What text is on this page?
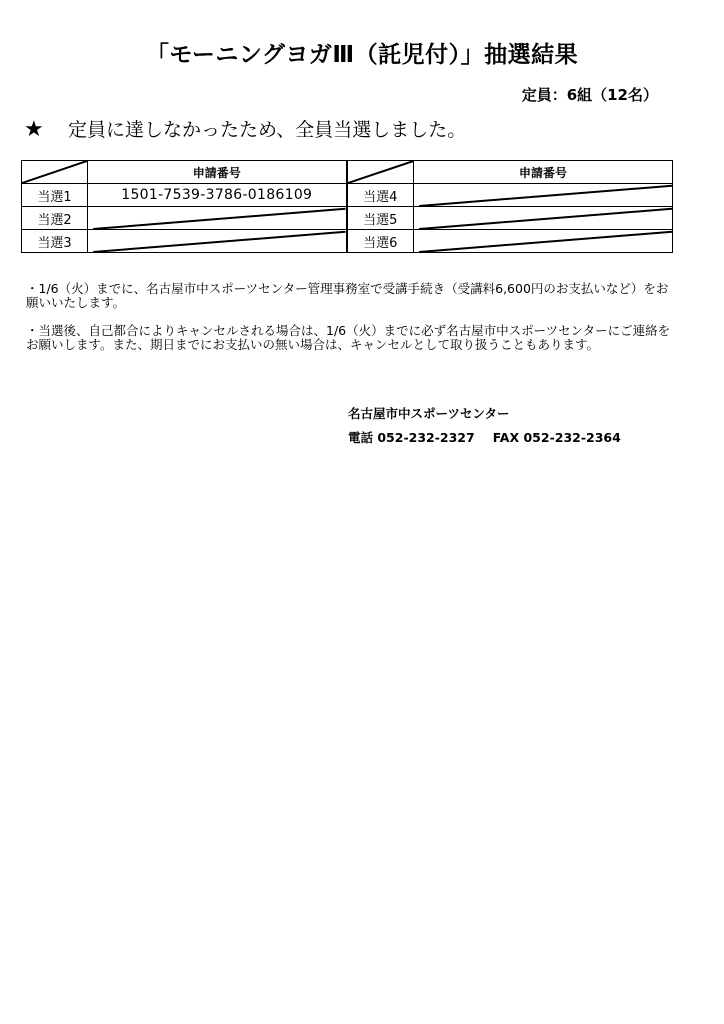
「モーニングヨガⅢ（託児付）」抽選結果
定員：6組（12名）
★ 定員に達しなかったため、全員当選しました。
	申請番号		申請番号
当選1	1501-7539-3786-0186109	当選4	

当選2		当選5	

当選3		当選6	
・1/6（火）までに、名古屋市中スポーツセンター管理事務室で受講手続き（受講料6,600円のお支払いなど）をお願いいたします。
・当選後、自己都合によりキャンセルされる場合は、1/6（火）までに必ず名古屋市中スポーツセンターにご連絡をお願いします。また、期日までにお支払いの無い場合は、キャンセルとして取り扱うこともあります。
名古屋市中スポーツセンター
電話 052-232-2327 FAX 052-232-2364
